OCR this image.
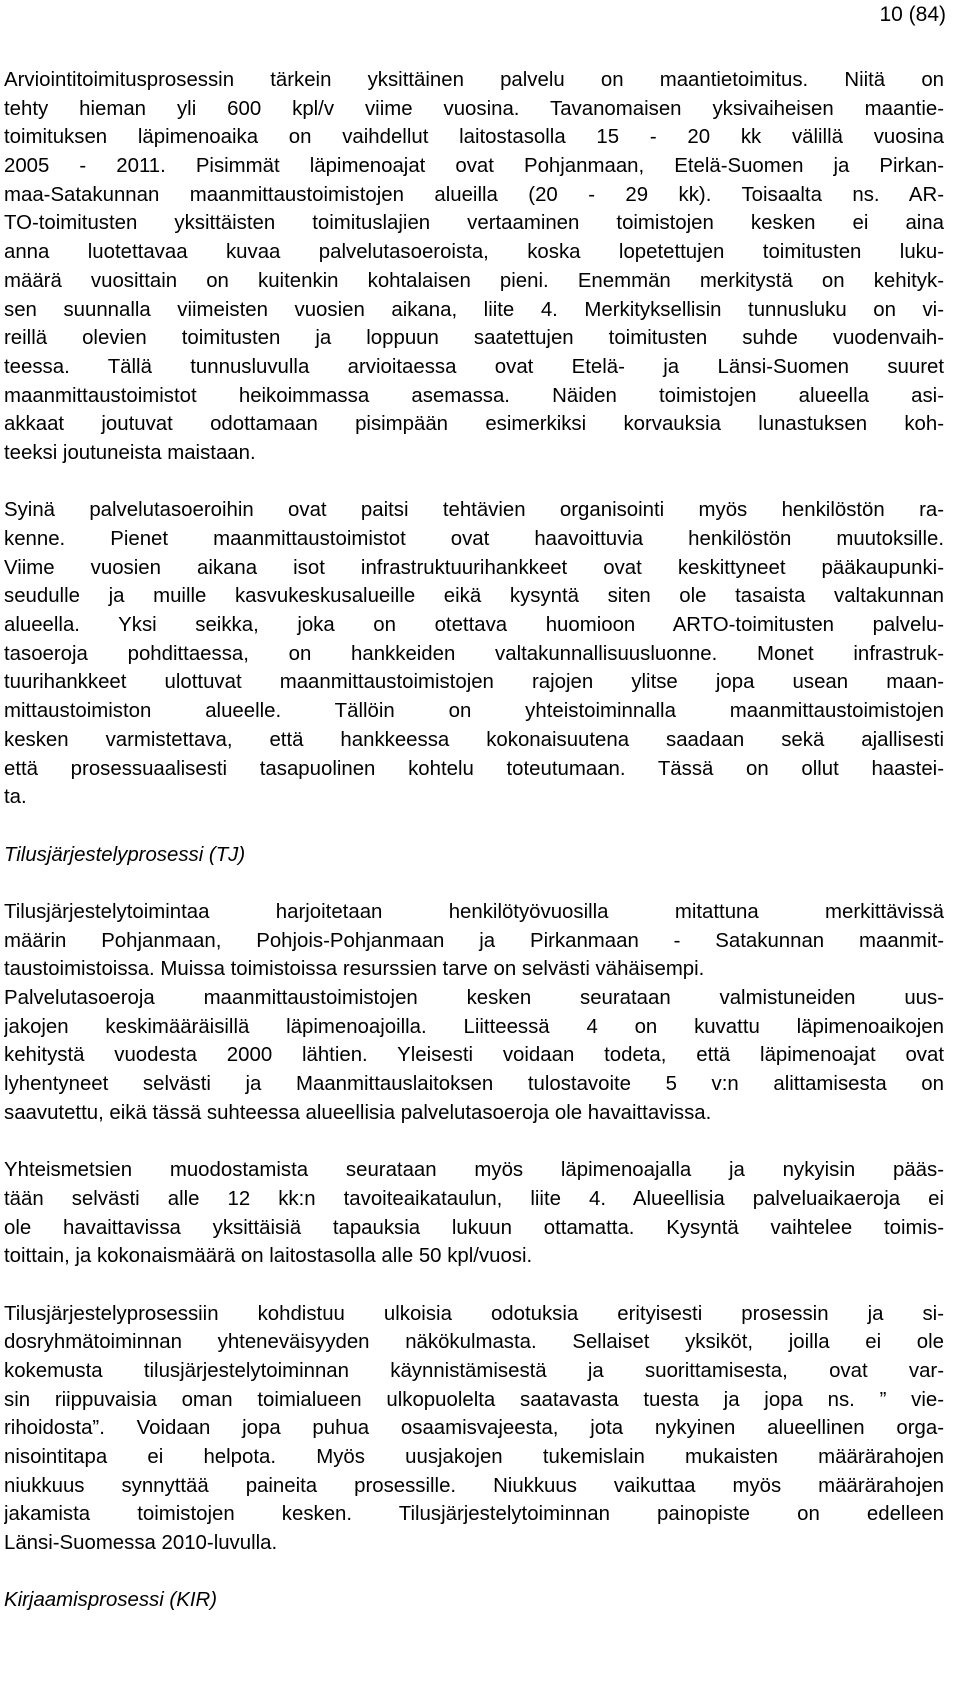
10 (84)
Arviointitoimitusprosessin tärkein yksittäinen palvelu on maantietoimitus. Niitä on
tehty hieman yli 600 kpl/v viime vuosina. Tavanomaisen yksivaiheisen maantie-
toimituksen läpimenoaika on vaihdellut laitostasolla 15 - 20 kk välillä vuosina
2005 - 2011. Pisimmät läpimenoajat ovat Pohjanmaan, Etelä-Suomen ja Pirkan-
maa-Satakunnan maanmittaustoimistojen alueilla (20 - 29 kk). Toisaalta ns. AR-
TO-toimitusten yksittäisten toimituslajien vertaaminen toimistojen kesken ei aina
anna luotettavaa kuvaa palvelutasoeroista, koska lopetettujen toimitusten luku-
määrä vuosittain on kuitenkin kohtalaisen pieni. Enemmän merkitystä on kehityk-
sen suunnalla viimeisten vuosien aikana, liite 4. Merkityksellisin tunnusluku on vi-
reillä olevien toimitusten ja loppuun saatettujen toimitusten suhde vuodenvaih-
teessa. Tällä tunnusluvulla arvioitaessa ovat Etelä- ja Länsi-Suomen suuret
maanmittaustoimistot heikoimmassa asemassa. Näiden toimistojen alueella asi-
akkaat joutuvat odottamaan pisimpään esimerkiksi korvauksia lunastuksen koh-
teeksi joutuneista maistaan.
Syinä palvelutasoeroihin ovat paitsi tehtävien organisointi myös henkilöstön ra-
kenne. Pienet maanmittaustoimistot ovat haavoittuvia henkilöstön muutoksille.
Viime vuosien aikana isot infrastruktuurihankkeet ovat keskittyneet pääkaupunki-
seudulle ja muille kasvukeskusalueille eikä kysyntä siten ole tasaista valtakunnan
alueella. Yksi seikka, joka on otettava huomioon ARTO-toimitusten palvelu-
tasoeroja pohdittaessa, on hankkeiden valtakunnallisuusluonne. Monet infrastruk-
tuurihankkeet ulottuvat maanmittaustoimistojen rajojen ylitse jopa usean maan-
mittaustoimiston alueelle. Tällöin on yhteistoiminnalla maanmittaustoimistojen
kesken varmistettava, että hankkeessa kokonaisuutena saadaan sekä ajallisesti
että prosessuaalisesti tasapuolinen kohtelu toteutumaan. Tässä on ollut haastei-
ta.
Tilusjärjestelyprosessi (TJ)
Tilusjärjestelytoimintaa harjoitetaan henkilötyövuosilla mitattuna merkittävissä
määrin Pohjanmaan, Pohjois-Pohjanmaan ja Pirkanmaan - Satakunnan maanmit-
taustoimistoissa. Muissa toimistoissa resurssien tarve on selvästi vähäisempi.
Palvelutasoeroja maanmittaustoimistojen kesken seurataan valmistuneiden uus-
jakojen keskimääräisillä läpimenoajoilla. Liitteessä 4 on kuvattu läpimenoaikojen
kehitystä vuodesta 2000 lähtien. Yleisesti voidaan todeta, että läpimenoajat ovat
lyhentyneet selvästi ja Maanmittauslaitoksen tulostavoite 5 v:n alittamisesta on
saavutettu, eikä tässä suhteessa alueellisia palvelutasoeroja ole havaittavissa.
Yhteismetsien muodostamista seurataan myös läpimenoajalla ja nykyisin pääs-
tään selvästi alle 12 kk:n tavoiteaikataulun, liite 4. Alueellisia palveluaikaeroja ei
ole havaittavissa yksittäisiä tapauksia lukuun ottamatta. Kysyntä vaihtelee toimis-
toittain, ja kokonaismäärä on laitostasolla alle 50 kpl/vuosi.
Tilusjärjestelyprosessiin kohdistuu ulkoisia odotuksia erityisesti prosessin ja si-
dosryhmätoiminnan yhteneväisyyden näkökulmasta. Sellaiset yksiköt, joilla ei ole
kokemusta tilusjärjestelytoiminnan käynnistämisestä ja suorittamisesta, ovat var-
sin riippuvaisia oman toimialueen ulkopuolelta saatavasta tuesta ja jopa ns. ” vie-
rihoidosta”. Voidaan jopa puhua osaamisvajeesta, jota nykyinen alueellinen orga-
nisointitapa ei helpota. Myös uusjakojen tukemislain mukaisten määrärahojen
niukkuus synnyttää paineita prosessille. Niukkuus vaikuttaa myös määrärahojen
jakamista toimistojen kesken. Tilusjärjestelytoiminnan painopiste on edelleen
Länsi-Suomessa 2010-luvulla.
Kirjaamisprosessi (KIR)
